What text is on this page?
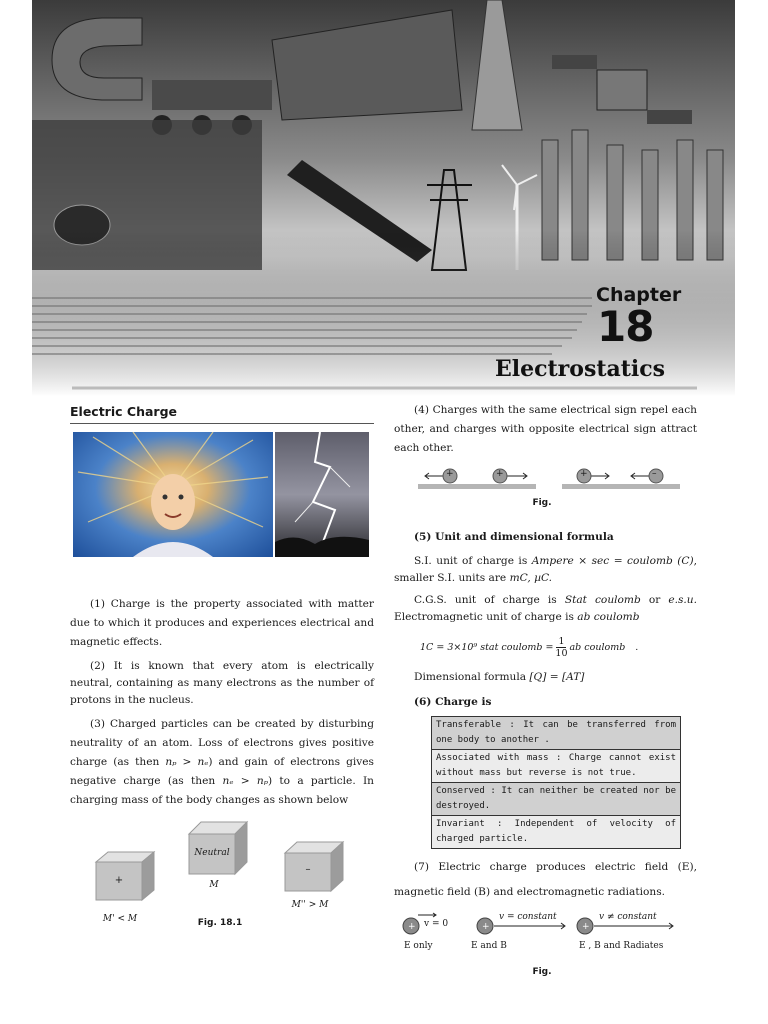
Chapter
18
Electrostatics
Electric Charge

(1) Charge is the property associated with matter due to which it produces and experiences electrical and magnetic effects.

(2) It is known that every atom is electrically neutral, containing as many electrons as the number of protons in the nucleus.

(3) Charged particles can be created by disturbing neutrality of an atom. Loss of electrons gives positive charge (as then nₚ > nₑ) and gain of electrons gives negative charge (as then nₑ > nₚ) to a particle. In charging mass of the body changes as shown below

+
Neutral
–
M' < M
M
M'' > M
Fig. 18.1

(4) Charges with the same electrical sign repel each other, and charges with opposite electrical sign attract each other.

+	+	+	–
Fig.

(5) Unit and dimensional formula

S.I. unit of charge is Ampere × sec = coulomb (C), smaller S.I. units are mC, µC.

C.G.S. unit of charge is Stat coulomb or e.s.u. Electromagnetic unit of charge is ab coulomb

1C = 3×10⁹ stat coulomb = $\frac{1}{10}$ ab coulomb .

Dimensional formula [Q] = [AT]

(6) Charge is

Transferable : It can be transferred from one body to another .
Associated with mass : Charge cannot exist without mass but reverse is not true.
Conserved : It can neither be created nor be destroyed.
Invariant : Independent of velocity of charged particle.

(7) Electric charge produces electric field (E), magnetic field (B) and electromagnetic radiations.

+	+	+
v = 0
v = constant	v ≠ constant
E only	E and B	E , B and Radiates
Fig.
